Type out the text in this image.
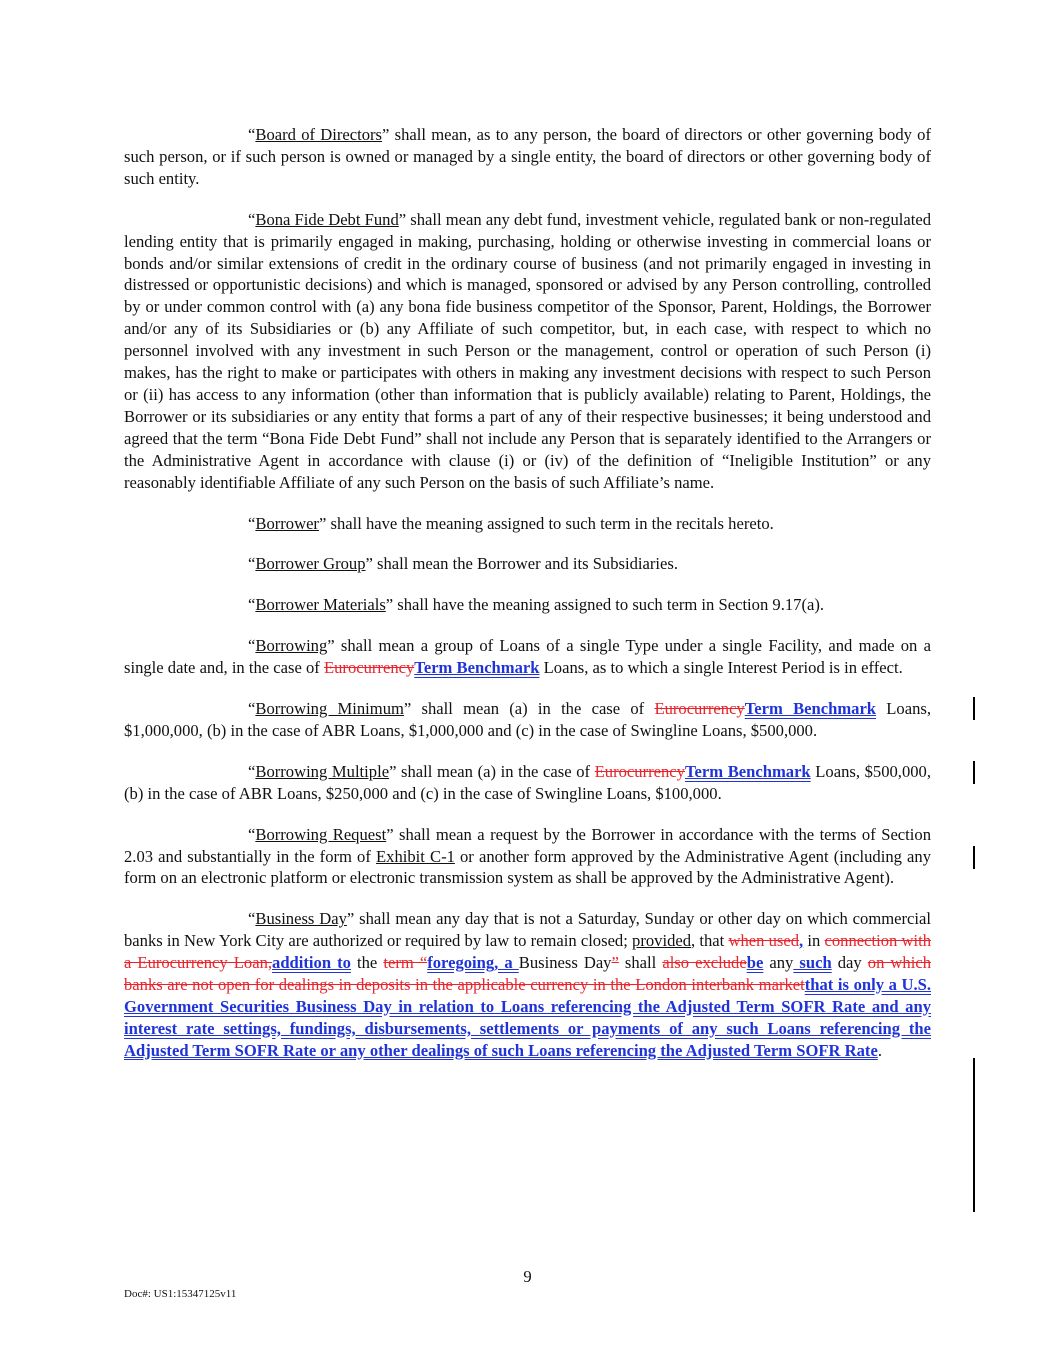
“Board of Directors” shall mean, as to any person, the board of directors or other governing body of such person, or if such person is owned or managed by a single entity, the board of directors or other governing body of such entity.

“Bona Fide Debt Fund” shall mean any debt fund, investment vehicle, regulated bank or non-regulated lending entity that is primarily engaged in making, purchasing, holding or otherwise investing in commercial loans or bonds and/or similar extensions of credit in the ordinary course of business (and not primarily engaged in investing in distressed or opportunistic decisions) and which is managed, sponsored or advised by any Person controlling, controlled by or under common control with (a) any bona fide business competitor of the Sponsor, Parent, Holdings, the Borrower and/or any of its Subsidiaries or (b) any Affiliate of such competitor, but, in each case, with respect to which no personnel involved with any investment in such Person or the management, control or operation of such Person (i) makes, has the right to make or participates with others in making any investment decisions with respect to such Person or (ii) has access to any information (other than information that is publicly available) relating to Parent, Holdings, the Borrower or its subsidiaries or any entity that forms a part of any of their respective businesses; it being understood and agreed that the term “Bona Fide Debt Fund” shall not include any Person that is separately identified to the Arrangers or the Administrative Agent in accordance with clause (i) or (iv) of the definition of “Ineligible Institution” or any reasonably identifiable Affiliate of any such Person on the basis of such Affiliate’s name.

“Borrower” shall have the meaning assigned to such term in the recitals hereto.

“Borrower Group” shall mean the Borrower and its Subsidiaries.

“Borrower Materials” shall have the meaning assigned to such term in Section 9.17(a).

“Borrowing” shall mean a group of Loans of a single Type under a single Facility, and made on a single date and, in the case of EurocurrencyTerm Benchmark Loans, as to which a single Interest Period is in effect.

“Borrowing Minimum” shall mean (a) in the case of EurocurrencyTerm Benchmark Loans, $1,000,000, (b) in the case of ABR Loans, $1,000,000 and (c) in the case of Swingline Loans, $500,000.

“Borrowing Multiple” shall mean (a) in the case of EurocurrencyTerm Benchmark Loans, $500,000, (b) in the case of ABR Loans, $250,000 and (c) in the case of Swingline Loans, $100,000.

“Borrowing Request” shall mean a request by the Borrower in accordance with the terms of Section 2.03 and substantially in the form of Exhibit C-1 or another form approved by the Administrative Agent (including any form on an electronic platform or electronic transmission system as shall be approved by the Administrative Agent).

“Business Day” shall mean any day that is not a Saturday, Sunday or other day on which commercial banks in New York City are authorized or required by law to remain closed; provided, that when used, in connection with a Eurocurrency Loan,addition to the term “foregoing, a Business Day” shall also excludebe any such day on which banks are not open for dealings in deposits in the applicable currency in the London interbank marketthat is only a U.S. Government Securities Business Day in relation to Loans referencing the Adjusted Term SOFR Rate and any interest rate settings, fundings, disbursements, settlements or payments of any such Loans referencing the Adjusted Term SOFR Rate or any other dealings of such Loans referencing the Adjusted Term SOFR Rate.

9
Doc#: US1:15347125v11
